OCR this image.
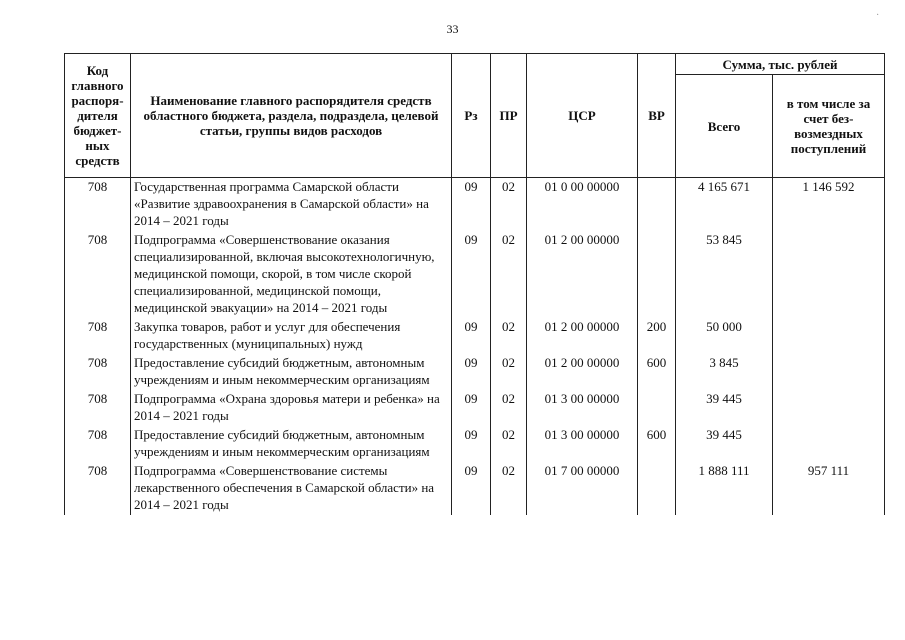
33
·
Код главного распоря-дителя бюджет-ных средств	Наименование главного распорядителя средств областного бюджета, раздела, подраздела, целевой статьи, группы видов расходов	Рз	ПР	ЦСР	ВР	Сумма, тыс. рублей	
						Всего	в том числе за счет без-возмездных поступлений
708	Государственная программа Самарской области «Развитие здравоохранения в Самарской области» на 2014 – 2021 годы	09	02	01 0 00 00000		4 165 671	1 146 592
708	Подпрограмма «Совершенствование оказания специализированной, включая высокотехнологичную, медицинской помощи, скорой, в том числе скорой специализированной, медицинской помощи, медицинской эвакуации» на 2014 – 2021 годы	09	02	01 2 00 00000		53 845	
708	Закупка товаров, работ и услуг для обеспечения государственных (муниципальных) нужд	09	02	01 2 00 00000	200	50 000	
708	Предоставление субсидий бюджетным, автономным учреждениям и иным некоммерческим организациям	09	02	01 2 00 00000	600	3 845	
708	Подпрограмма «Охрана здоровья матери и ребенка» на 2014 – 2021 годы	09	02	01 3 00 00000		39 445	
708	Предоставление субсидий бюджетным, автономным учреждениям и иным некоммерческим организациям	09	02	01 3 00 00000	600	39 445	
708	Подпрограмма «Совершенствование системы лекарственного обеспечения в Самарской области» на 2014 – 2021 годы	09	02	01 7 00 00000		1 888 111	957 111
